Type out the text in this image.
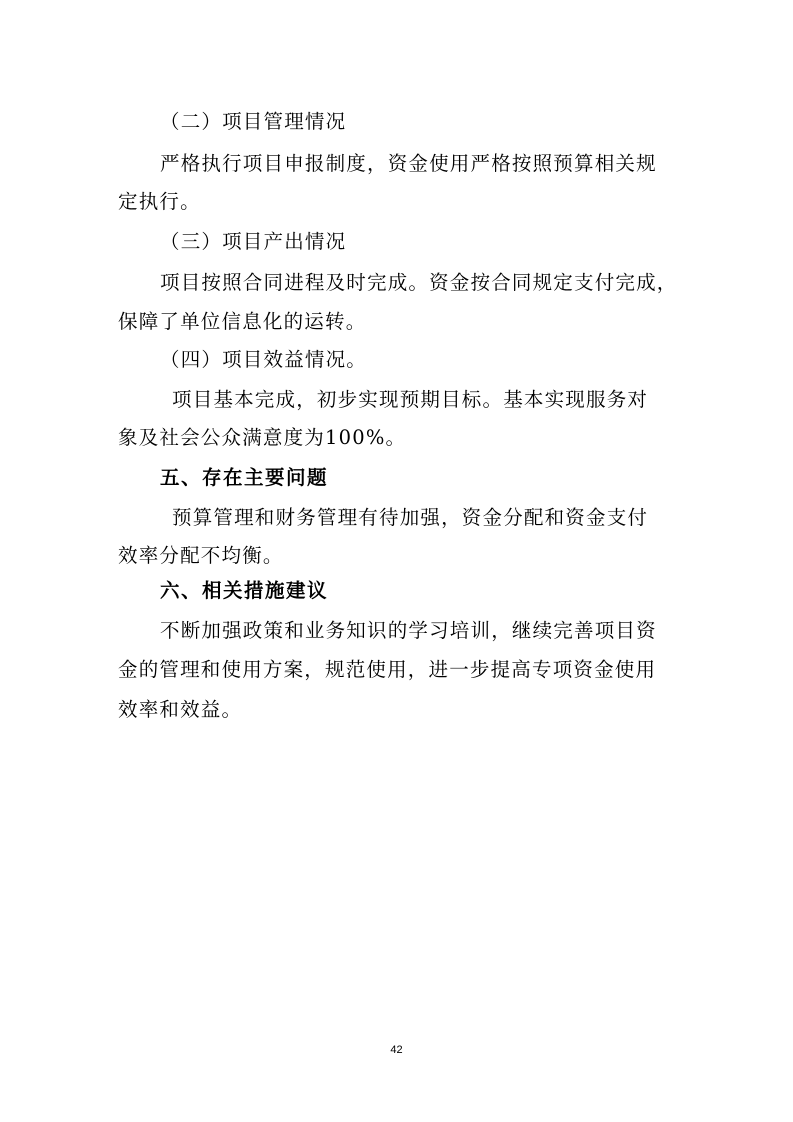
（二）项目管理情况
严格执行项目申报制度，资金使用严格按照预算相关规
定执行。
（三）项目产出情况
项目按照合同进程及时完成。资金按合同规定支付完成，
保障了单位信息化的运转。
（四）项目效益情况。
项目基本完成，初步实现预期目标。基本实现服务对
象及社会公众满意度为100%。
五、存在主要问题
预算管理和财务管理有待加强，资金分配和资金支付
效率分配不均衡。
六、相关措施建议
不断加强政策和业务知识的学习培训，继续完善项目资
金的管理和使用方案，规范使用，进一步提高专项资金使用
效率和效益。
42
